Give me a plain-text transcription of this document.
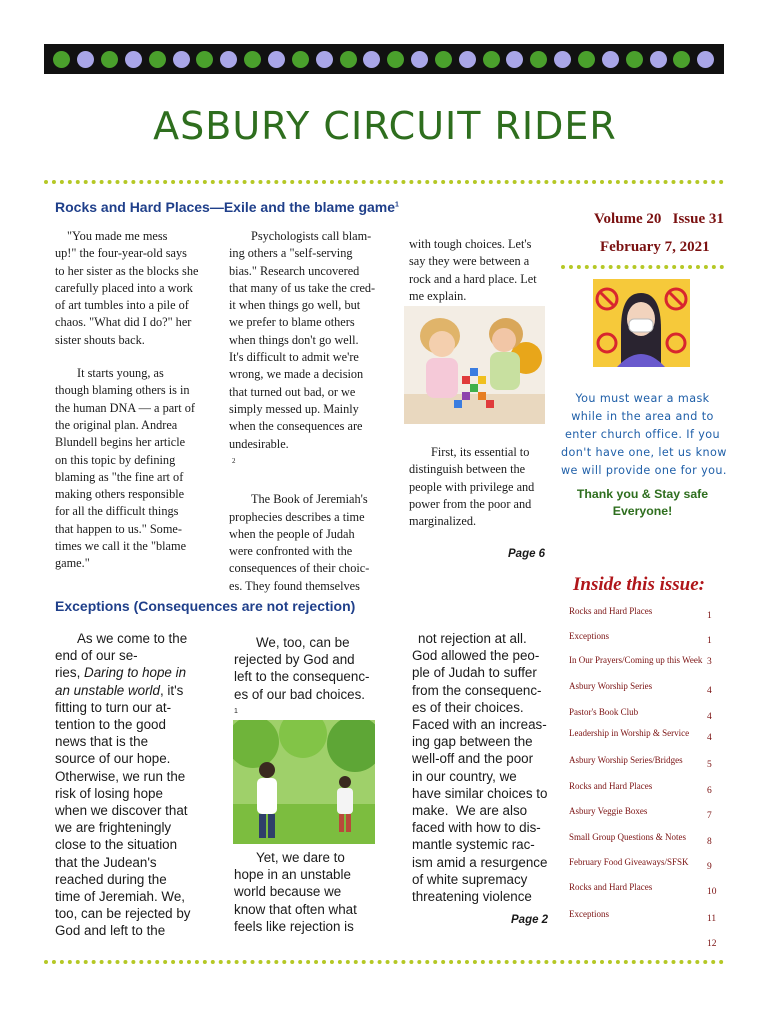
ASBURY CIRCUIT RIDER
Rocks and Hard Places—Exile and the blame game$^1$

"You made me mess
up!" the four-year-old says
to her sister as the blocks she
carefully placed into a work
of art tumbles into a pile of
chaos. "What did I do?" her
sister shouts back.

It starts young, as
though blaming others is in
the human DNA — a part of
the original plan. Andrea
Blundell begins her article
on this topic by defining
blaming as "the fine art of
making others responsible
for all the difficult things
that happen to us." Some-
times we call it the "blame
game."

Psychologists call blam-
ing others a "self-serving
bias." Research uncovered
that many of us take the cred-
it when things go well, but
we prefer to blame others
when things don't go well.
It's difficult to admit we're
wrong, we made a decision
that turned out bad, or we
simply messed up. Mainly
when the consequences are
undesirable.
$^2$

The Book of Jeremiah's
prophecies describes a time
when the people of Judah
were confronted with the
consequences of their choic-
es. They found themselves

with tough choices. Let's
say they were between a
rock and a hard place. Let
me explain.

First, its essential to
distinguish between the
people with privilege and
power from the poor and
marginalized.

Page 6
Volume 20   Issue 31
February 7, 2021
You must wear a mask
while in the area and to
enter church office. If you
don't have one, let us know
we will provide one for you.
Thank you & Stay safe
Everyone!
Exceptions (Consequences are not rejection)

As we come to the
end of our se-
ries, Daring to hope in
an unstable world, it's

fitting to turn our at-
tention to the good
news that is the
source of our hope.
Otherwise, we run the
risk of losing hope
when we discover that
we are frighteningly
close to the situation
that the Judean's
reached during the
time of Jeremiah. We,
too, can be rejected by
God and left to the

We, too, can be
rejected by God and
left to the consequenc-
es of our bad choices.
$^1$

Yet, we dare to
hope in an unstable
world because we
know that often what
feels like rejection is

not rejection at all.
God allowed the peo-
ple of Judah to suffer
from the consequenc-
es of their choices.
Faced with an increas-
ing gap between the
well-off and the poor
in our country, we
have similar choices to
make.  We are also
faced with how to dis-
mantle systemic rac-
ism amid a resurgence
of white supremacy
threatening violence

Page 2
Inside this issue:
Rocks and Hard Places	1
Exceptions	1
In Our Prayers/Coming up this Week 3
Asbury Worship Series	4
Pastor's Book Club	4
Leadership in Worship & Service 4
Asbury Worship Series/Bridges	5
Rocks and Hard Places	6
Asbury Veggie Boxes	7
Small Group Questions & Notes 8
February Food Giveaways/SFSK 9
Rocks and Hard Places	10
Exceptions	11
12
